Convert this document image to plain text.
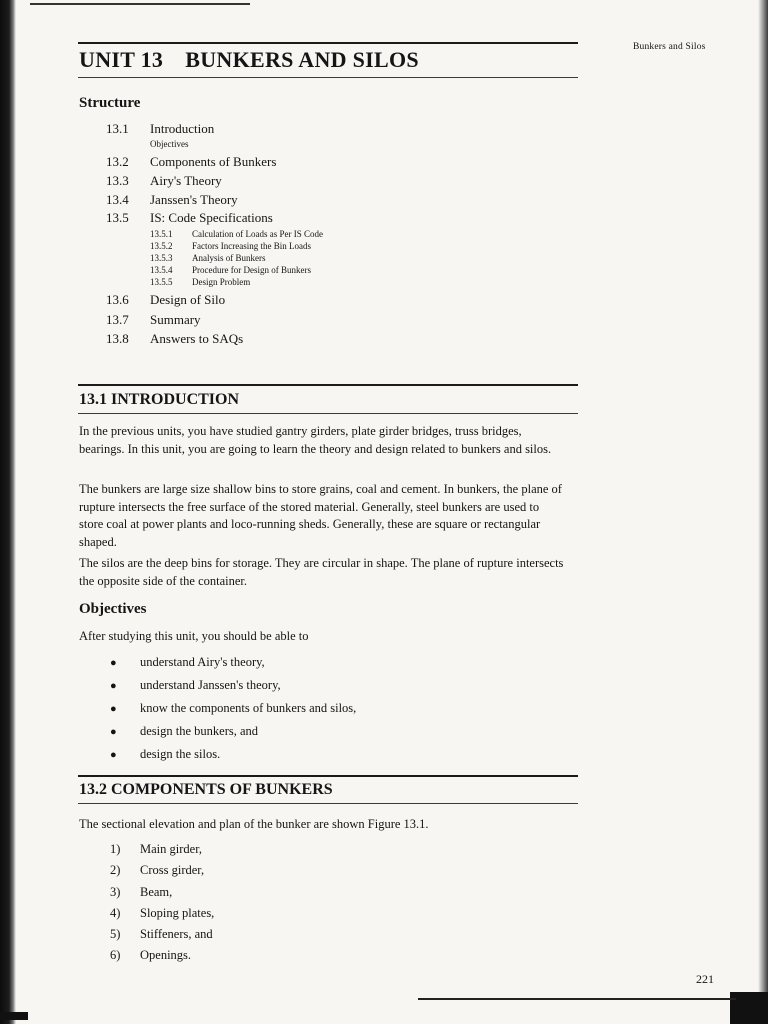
Bunkers and Silos
UNIT 13 BUNKERS AND SILOS
Structure
13.1 Introduction
Objectives
13.2 Components of Bunkers
13.3 Airy's Theory
13.4 Janssen's Theory
13.5 IS: Code Specifications
13.5.1 Calculation of Loads as Per IS Code
13.5.2 Factors Increasing the Bin Loads
13.5.3 Analysis of Bunkers
13.5.4 Procedure for Design of Bunkers
13.5.5 Design Problem
13.6 Design of Silo
13.7 Summary
13.8 Answers to SAQs
13.1 INTRODUCTION

In the previous units, you have studied gantry girders, plate girder bridges, truss bridges, bearings. In this unit, you are going to learn the theory and design related to bunkers and silos.

The bunkers are large size shallow bins to store grains, coal and cement. In bunkers, the plane of rupture intersects the free surface of the stored material. Generally, steel bunkers are used to store coal at power plants and loco-running sheds. Generally, these are square or rectangular shaped.

The silos are the deep bins for storage. They are circular in shape. The plane of rupture intersects the opposite side of the container.

Objectives

After studying this unit, you should be able to

● understand Airy's theory,
● understand Janssen's theory,
● know the components of bunkers and silos,
● design the bunkers, and
● design the silos.
13.2 COMPONENTS OF BUNKERS

The sectional elevation and plan of the bunker are shown Figure 13.1.

1) Main girder,
2) Cross girder,
3) Beam,
4) Sloping plates,
5) Stiffeners, and
6) Openings.
221
